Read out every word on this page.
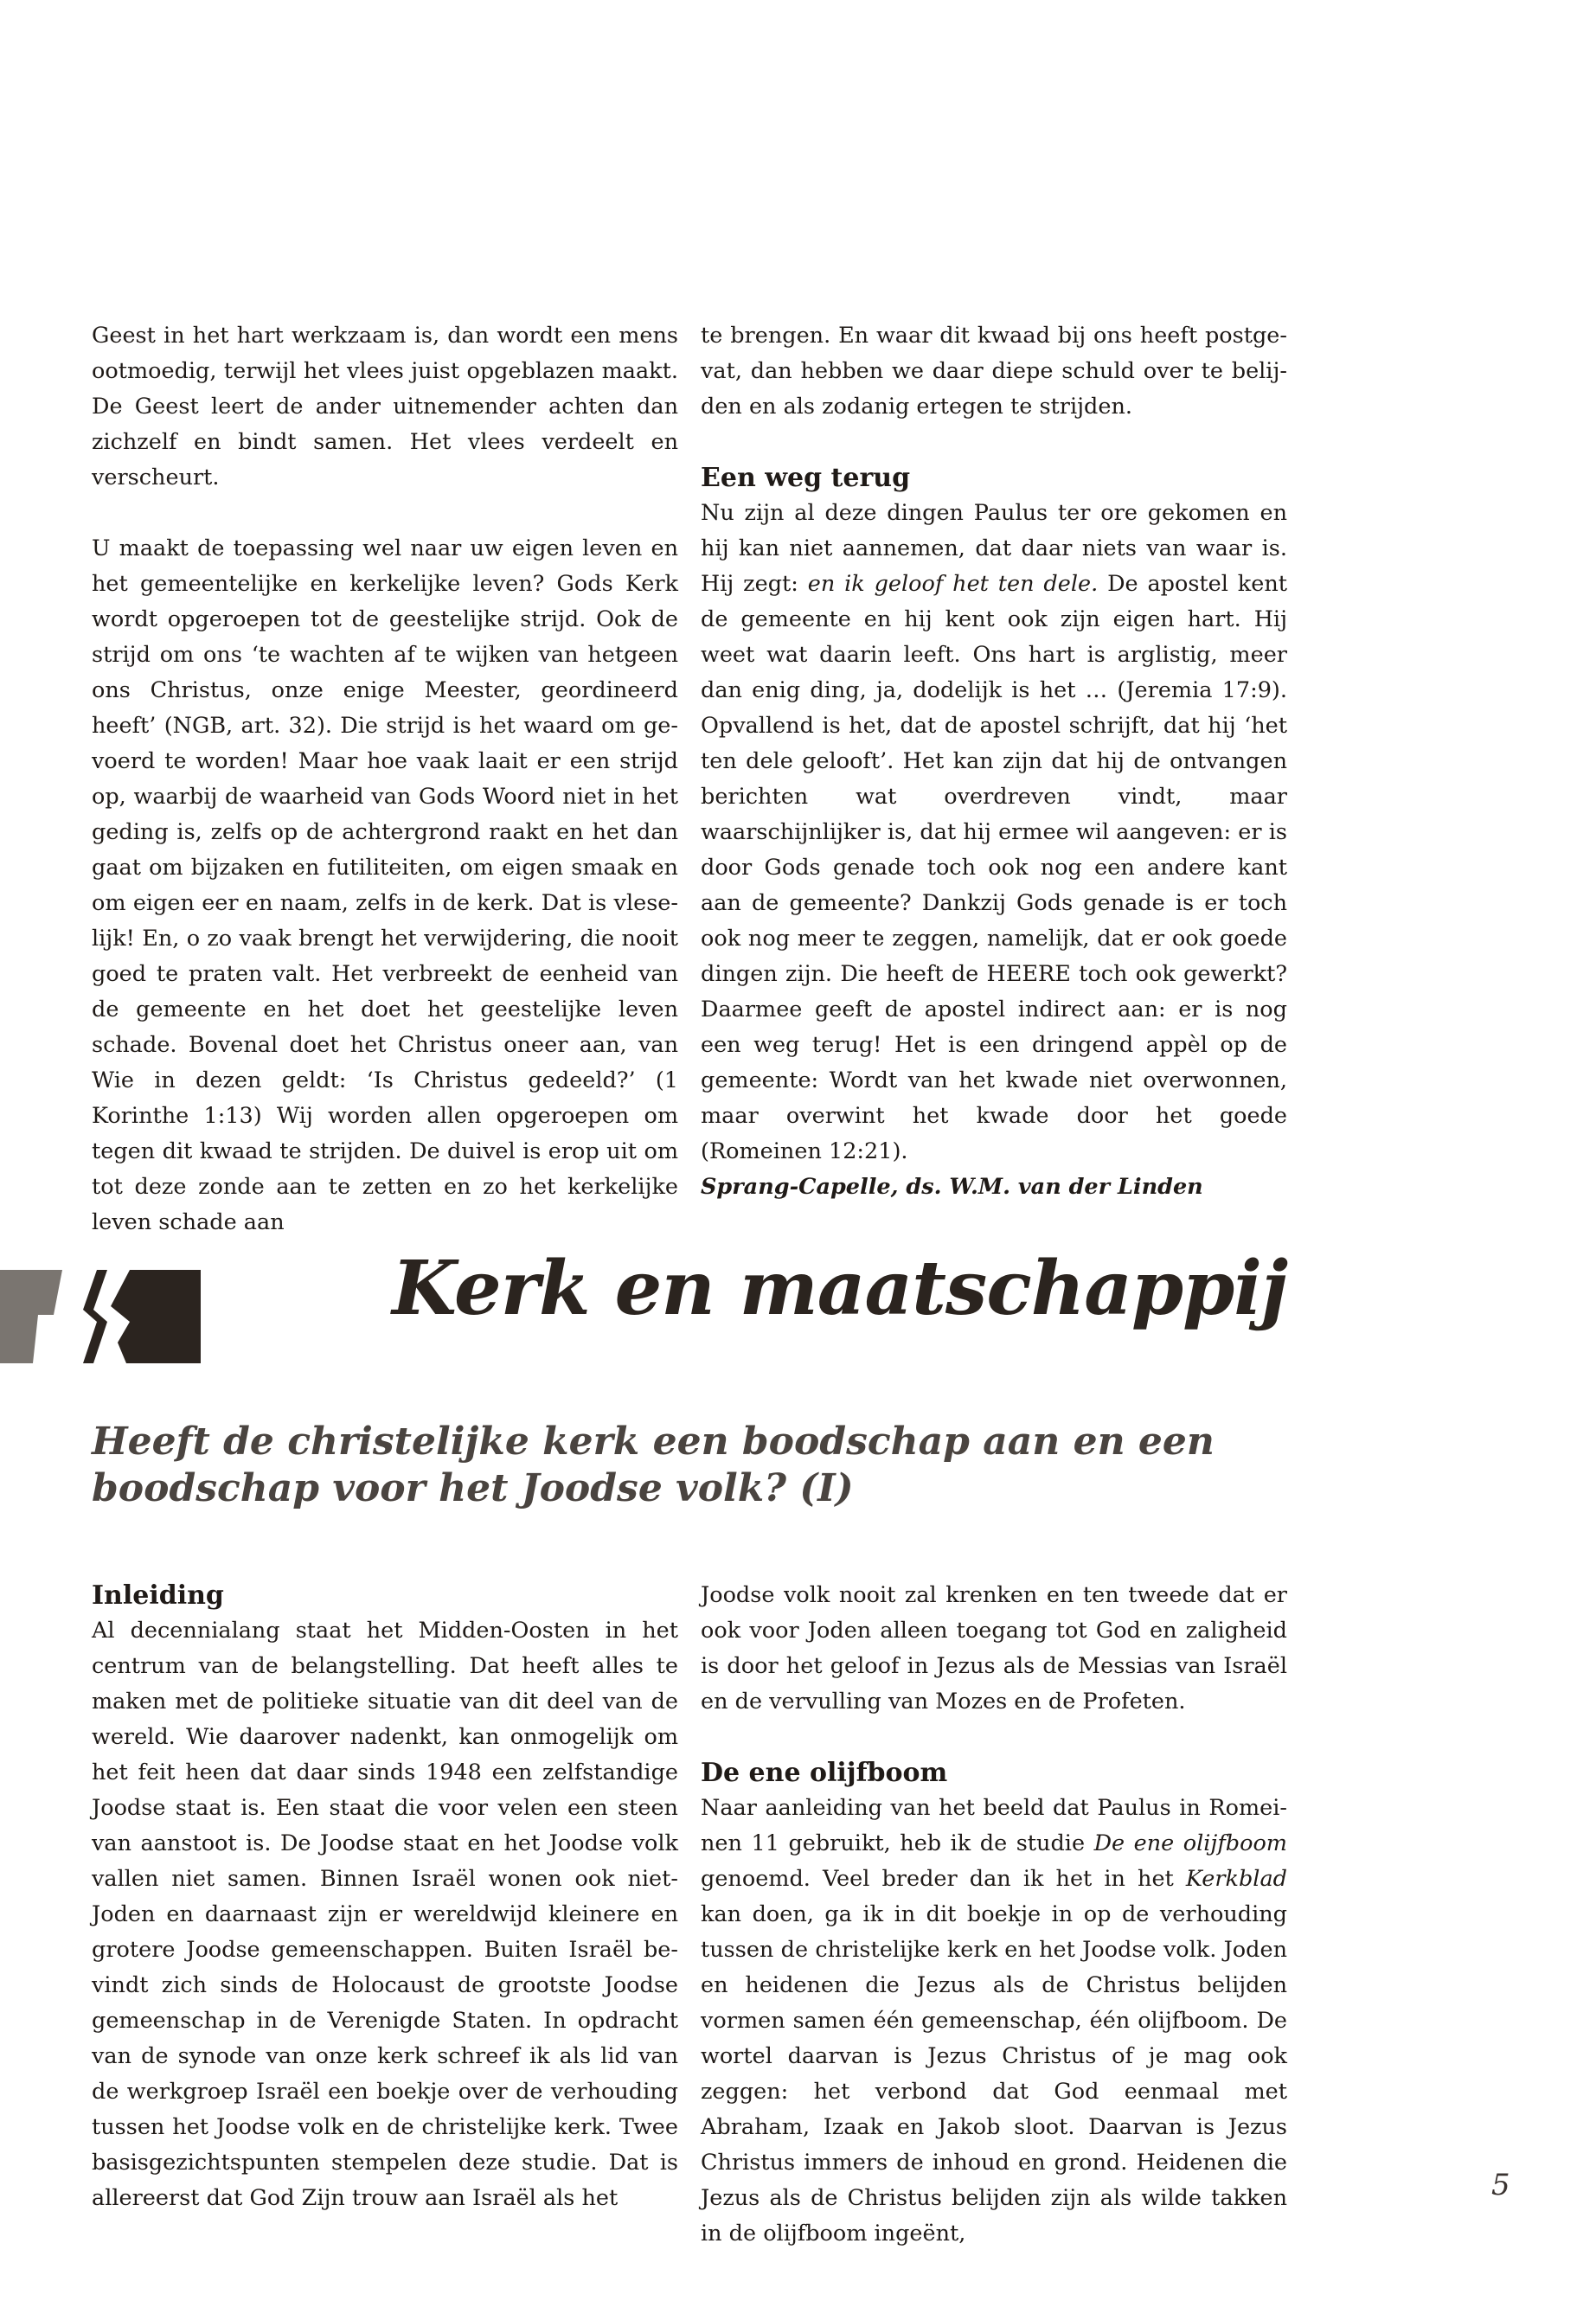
Geest in het hart werkzaam is, dan wordt een mens ootmoedig, terwijl het vlees juist opgeblazen maakt. De Geest leert de ander uitnemender achten dan zichzelf en bindt samen. Het vlees verdeelt en verscheurt.

U maakt de toepassing wel naar uw eigen leven en het gemeentelijke en kerkelijke leven? Gods Kerk wordt opgeroepen tot de geestelijke strijd. Ook de strijd om ons ‘te wachten af te wijken van hetgeen ons Christus, onze enige Meester, geordineerd heeft’ (NGB, art. 32). Die strijd is het waard om gevoerd te worden! Maar hoe vaak laait er een strijd op, waarbij de waarheid van Gods Woord niet in het geding is, zelfs op de achtergrond raakt en het dan gaat om bijzaken en futiliteiten, om eigen smaak en om eigen eer en naam, zelfs in de kerk. Dat is vleselijk! En, o zo vaak brengt het verwijdering, die nooit goed te praten valt. Het verbreekt de eenheid van de gemeente en het doet het geestelijke leven schade. Bovenal doet het Christus oneer aan, van Wie in dezen geldt: ‘Is Christus gedeeld?’ (1 Korinthe 1:13) Wij worden allen opgeroepen om tegen dit kwaad te strijden. De duivel is erop uit om tot deze zonde aan te zetten en zo het kerkelijke leven schade aan

te brengen. En waar dit kwaad bij ons heeft postgevat, dan hebben we daar diepe schuld over te belijden en als zodanig ertegen te strijden.

Een weg terug

Nu zijn al deze dingen Paulus ter ore gekomen en hij kan niet aannemen, dat daar niets van waar is. Hij zegt: en ik geloof het ten dele. De apostel kent de gemeente en hij kent ook zijn eigen hart. Hij weet wat daarin leeft. Ons hart is arglistig, meer dan enig ding, ja, dodelijk is het … (Jeremia 17:9). Opvallend is het, dat de apostel schrijft, dat hij ‘het ten dele gelooft’. Het kan zijn dat hij de ontvangen berichten wat overdreven vindt, maar waarschijnlijker is, dat hij ermee wil aangeven: er is door Gods genade toch ook nog een andere kant aan de gemeente? Dankzij Gods genade is er toch ook nog meer te zeggen, namelijk, dat er ook goede dingen zijn. Die heeft de HEERE toch ook gewerkt? Daarmee geeft de apostel indirect aan: er is nog een weg terug! Het is een dringend appèl op de gemeente: Wordt van het kwade niet overwonnen, maar overwint het kwade door het goede (Romeinen 12:21).

Sprang-Capelle, ds. W.M. van der Linden

Kerk en maatschappij
Heeft de christelijke kerk een boodschap aan en een boodschap voor het Joodse volk? (I)
Inleiding

Al decennialang staat het Midden-Oosten in het centrum van de belangstelling. Dat heeft alles te maken met de politieke situatie van dit deel van de wereld. Wie daarover nadenkt, kan onmogelijk om het feit heen dat daar sinds 1948 een zelfstandige Joodse staat is. Een staat die voor velen een steen van aanstoot is. De Joodse staat en het Joodse volk vallen niet samen. Binnen Israël wonen ook niet-Joden en daarnaast zijn er wereldwijd kleinere en grotere Joodse gemeenschappen. Buiten Israël bevindt zich sinds de Holocaust de grootste Joodse gemeenschap in de Verenigde Staten. In opdracht van de synode van onze kerk schreef ik als lid van de werkgroep Israël een boekje over de verhouding tussen het Joodse volk en de christelijke kerk. Twee basisgezichtspunten stempelen deze studie. Dat is allereerst dat God Zijn trouw aan Israël als het

Joodse volk nooit zal krenken en ten tweede dat er ook voor Joden alleen toegang tot God en zaligheid is door het geloof in Jezus als de Messias van Israël en de vervulling van Mozes en de Profeten.

De ene olijfboom

Naar aanleiding van het beeld dat Paulus in Romeinen 11 gebruikt, heb ik de studie De ene olijfboom genoemd. Veel breder dan ik het in het Kerkblad kan doen, ga ik in dit boekje in op de verhouding tussen de christelijke kerk en het Joodse volk. Joden en heidenen die Jezus als de Christus belijden vormen samen één gemeenschap, één olijfboom. De wortel daarvan is Jezus Christus of je mag ook zeggen: het verbond dat God eenmaal met Abraham, Izaak en Jakob sloot. Daarvan is Jezus Christus immers de inhoud en grond. Heidenen die Jezus als de Christus belijden zijn als wilde takken in de olijfboom ingeënt,

5
